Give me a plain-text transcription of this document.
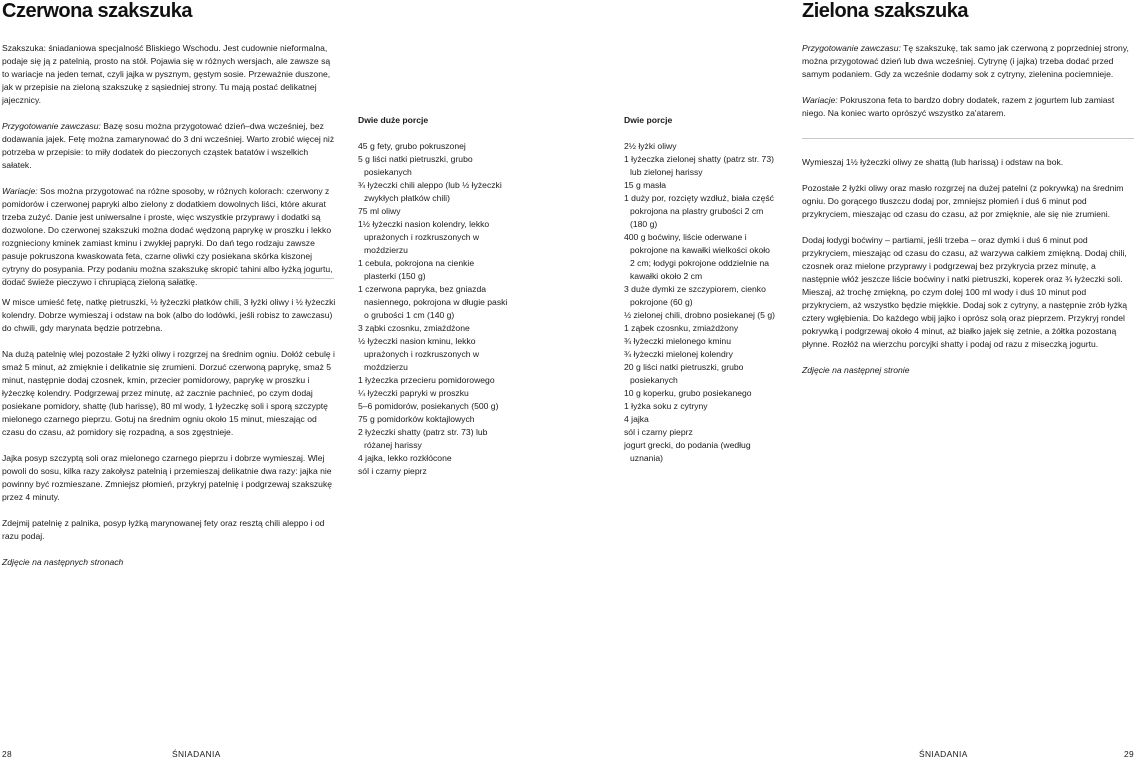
Czerwona szakszuka

Szakszuka: śniadaniowa specjalność Bliskiego Wschodu. Jest cudownie nieformalna, podaje się ją z patelnią, prosto na stół. Pojawia się w różnych wersjach, ale zawsze są to wariacje na jeden temat, czyli jajka w pysznym, gęstym sosie. Przeważnie duszone, jak w przepisie na zieloną szakszukę z sąsiedniej strony. Tu mają postać delikatnej jajecznicy.

Przygotowanie zawczasu: Bazę sosu można przygotować dzień–dwa wcześniej, bez dodawania jajek. Fetę można zamarynować do 3 dni wcześniej. Warto zrobić więcej niż potrzeba w przepisie: to miły dodatek do pieczonych cząstek batatów i wszelkich sałatek.

Wariacje: Sos można przygotować na różne sposoby, w różnych kolorach: czerwony z pomidorów i czerwonej papryki albo zielony z dodatkiem dowolnych liści, które akurat trzeba zużyć. Danie jest uniwersalne i proste, więc wszystkie przyprawy i dodatki są dozwolone. Do czerwonej szakszuki można dodać wędzoną paprykę w proszku i lekko rozgnieciony kminek zamiast kminu i zwykłej papryki. Do dań tego rodzaju zawsze pasuje pokruszona kwaskowata feta, czarne oliwki czy posiekana skórka kiszonej cytryny do posypania. Przy podaniu można szakszukę skropić tahini albo łyżką jogurtu, dodać świeże pieczywo i chrupiącą zieloną sałatkę.

W misce umieść fetę, natkę pietruszki, ½ łyżeczki płatków chili, 3 łyżki oliwy i ½ łyżeczki kolendry. Dobrze wymieszaj i odstaw na bok (albo do lodówki, jeśli robisz to zawczasu) do chwili, gdy marynata będzie potrzebna.

Na dużą patelnię wlej pozostałe 2 łyżki oliwy i rozgrzej na średnim ogniu. Dołóż cebulę i smaż 5 minut, aż zmięknie i delikatnie się zrumieni. Dorzuć czerwoną paprykę, smaż 5 minut, następnie dodaj czosnek, kmin, przecier pomidorowy, paprykę w proszku i łyżeczkę kolendry. Podgrzewaj przez minutę, aż zacznie pachnieć, po czym dodaj posiekane pomidory, shattę (lub harissę), 80 ml wody, 1 łyżeczkę soli i sporą szczyptę mielonego czarnego pieprzu. Gotuj na średnim ogniu około 15 minut, mieszając od czasu do czasu, aż pomidory się rozpadną, a sos zgęstnieje.

Jajka posyp szczyptą soli oraz mielonego czarnego pieprzu i dobrze wymieszaj. Wlej powoli do sosu, kilka razy zakołysz patelnią i przemieszaj delikatnie dwa razy: jajka nie powinny być rozmieszane. Zmniejsz płomień, przykryj patelnię i podgrzewaj szakszukę przez 4 minuty.

Zdejmij patelnię z palnika, posyp łyżką marynowanej fety oraz resztą chili aleppo i od razu podaj.

Zdjęcie na następnych stronach

Dwie duże porcje
45 g fety, grubo pokruszonej
5 g liści natki pietruszki, grubo posiekanych
¾ łyżeczki chili aleppo (lub ½ łyżeczki zwykłych płatków chili)
75 ml oliwy
1½ łyżeczki nasion kolendry, lekko uprażonych i rozkruszonych w moździerzu
1 cebula, pokrojona na cienkie plasterki (150 g)
1 czerwona papryka, bez gniazda nasiennego, pokrojona w długie paski o grubości 1 cm (140 g)
3 ząbki czosnku, zmiażdżone
½ łyżeczki nasion kminu, lekko uprażonych i rozkruszonych w moździerzu
1 łyżeczka przecieru pomidorowego
¼ łyżeczki papryki w proszku
5–6 pomidorów, posiekanych (500 g)
75 g pomidorków koktajlowych
2 łyżeczki shatty (patrz str. 73) lub różanej harissy
4 jajka, lekko rozkłócone
sól i czarny pieprz
28	ŚNIADANIA
Dwie porcje
2½ łyżki oliwy
1 łyżeczka zielonej shatty (patrz str. 73) lub zielonej harissy
15 g masła
1 duży por, rozcięty wzdłuż, biała część pokrojona na plastry grubości 2 cm (180 g)
400 g boćwiny, liście oderwane i pokrojone na kawałki wielkości około 2 cm; łodygi pokrojone oddzielnie na kawałki około 2 cm
3 duże dymki ze szczypiorem, cienko pokrojone (60 g)
½ zielonej chili, drobno posiekanej (5 g)
1 ząbek czosnku, zmiażdżony
¾ łyżeczki mielonego kminu
¾ łyżeczki mielonej kolendry
20 g liści natki pietruszki, grubo posiekanych
10 g koperku, grubo posiekanego
1 łyżka soku z cytryny
4 jajka
sól i czarny pieprz
jogurt grecki, do podania (według uznania)
Zielona szakszuka

Przygotowanie zawczasu: Tę szakszukę, tak samo jak czerwoną z poprzedniej strony, można przygotować dzień lub dwa wcześniej. Cytrynę (i jajka) trzeba dodać przed samym podaniem. Gdy za wcześnie dodamy sok z cytryny, zielenina pociemnieje.

Wariacje: Pokruszona feta to bardzo dobry dodatek, razem z jogurtem lub zamiast niego. Na koniec warto oprószyć wszystko za'atarem.

Wymieszaj 1½ łyżeczki oliwy ze shattą (lub harissą) i odstaw na bok.

Pozostałe 2 łyżki oliwy oraz masło rozgrzej na dużej patelni (z pokrywką) na średnim ogniu. Do gorącego tłuszczu dodaj por, zmniejsz płomień i duś 6 minut pod przykryciem, mieszając od czasu do czasu, aż por zmięknie, ale się nie zrumieni.

Dodaj łodygi boćwiny – partiami, jeśli trzeba – oraz dymki i duś 6 minut pod przykryciem, mieszając od czasu do czasu, aż warzywa całkiem zmiękną. Dodaj chili, czosnek oraz mielone przyprawy i podgrzewaj bez przykrycia przez minutę, a następnie włóż jeszcze liście boćwiny i natki pietruszki, koperek oraz ¾ łyżeczki soli. Mieszaj, aż trochę zmiękną, po czym dolej 100 ml wody i duś 10 minut pod przykryciem, aż wszystko będzie miękkie. Dodaj sok z cytryny, a następnie zrób łyżką cztery wgłębienia. Do każdego wbij jajko i oprósz solą oraz pieprzem. Przykryj rondel pokrywką i podgrzewaj około 4 minut, aż białko jajek się zetnie, a żółtka pozostaną płynne. Rozłóż na wierzchu porcyjki shatty i podaj od razu z miseczką jogurtu.

Zdjęcie na następnej stronie

ŚNIADANIA	29
